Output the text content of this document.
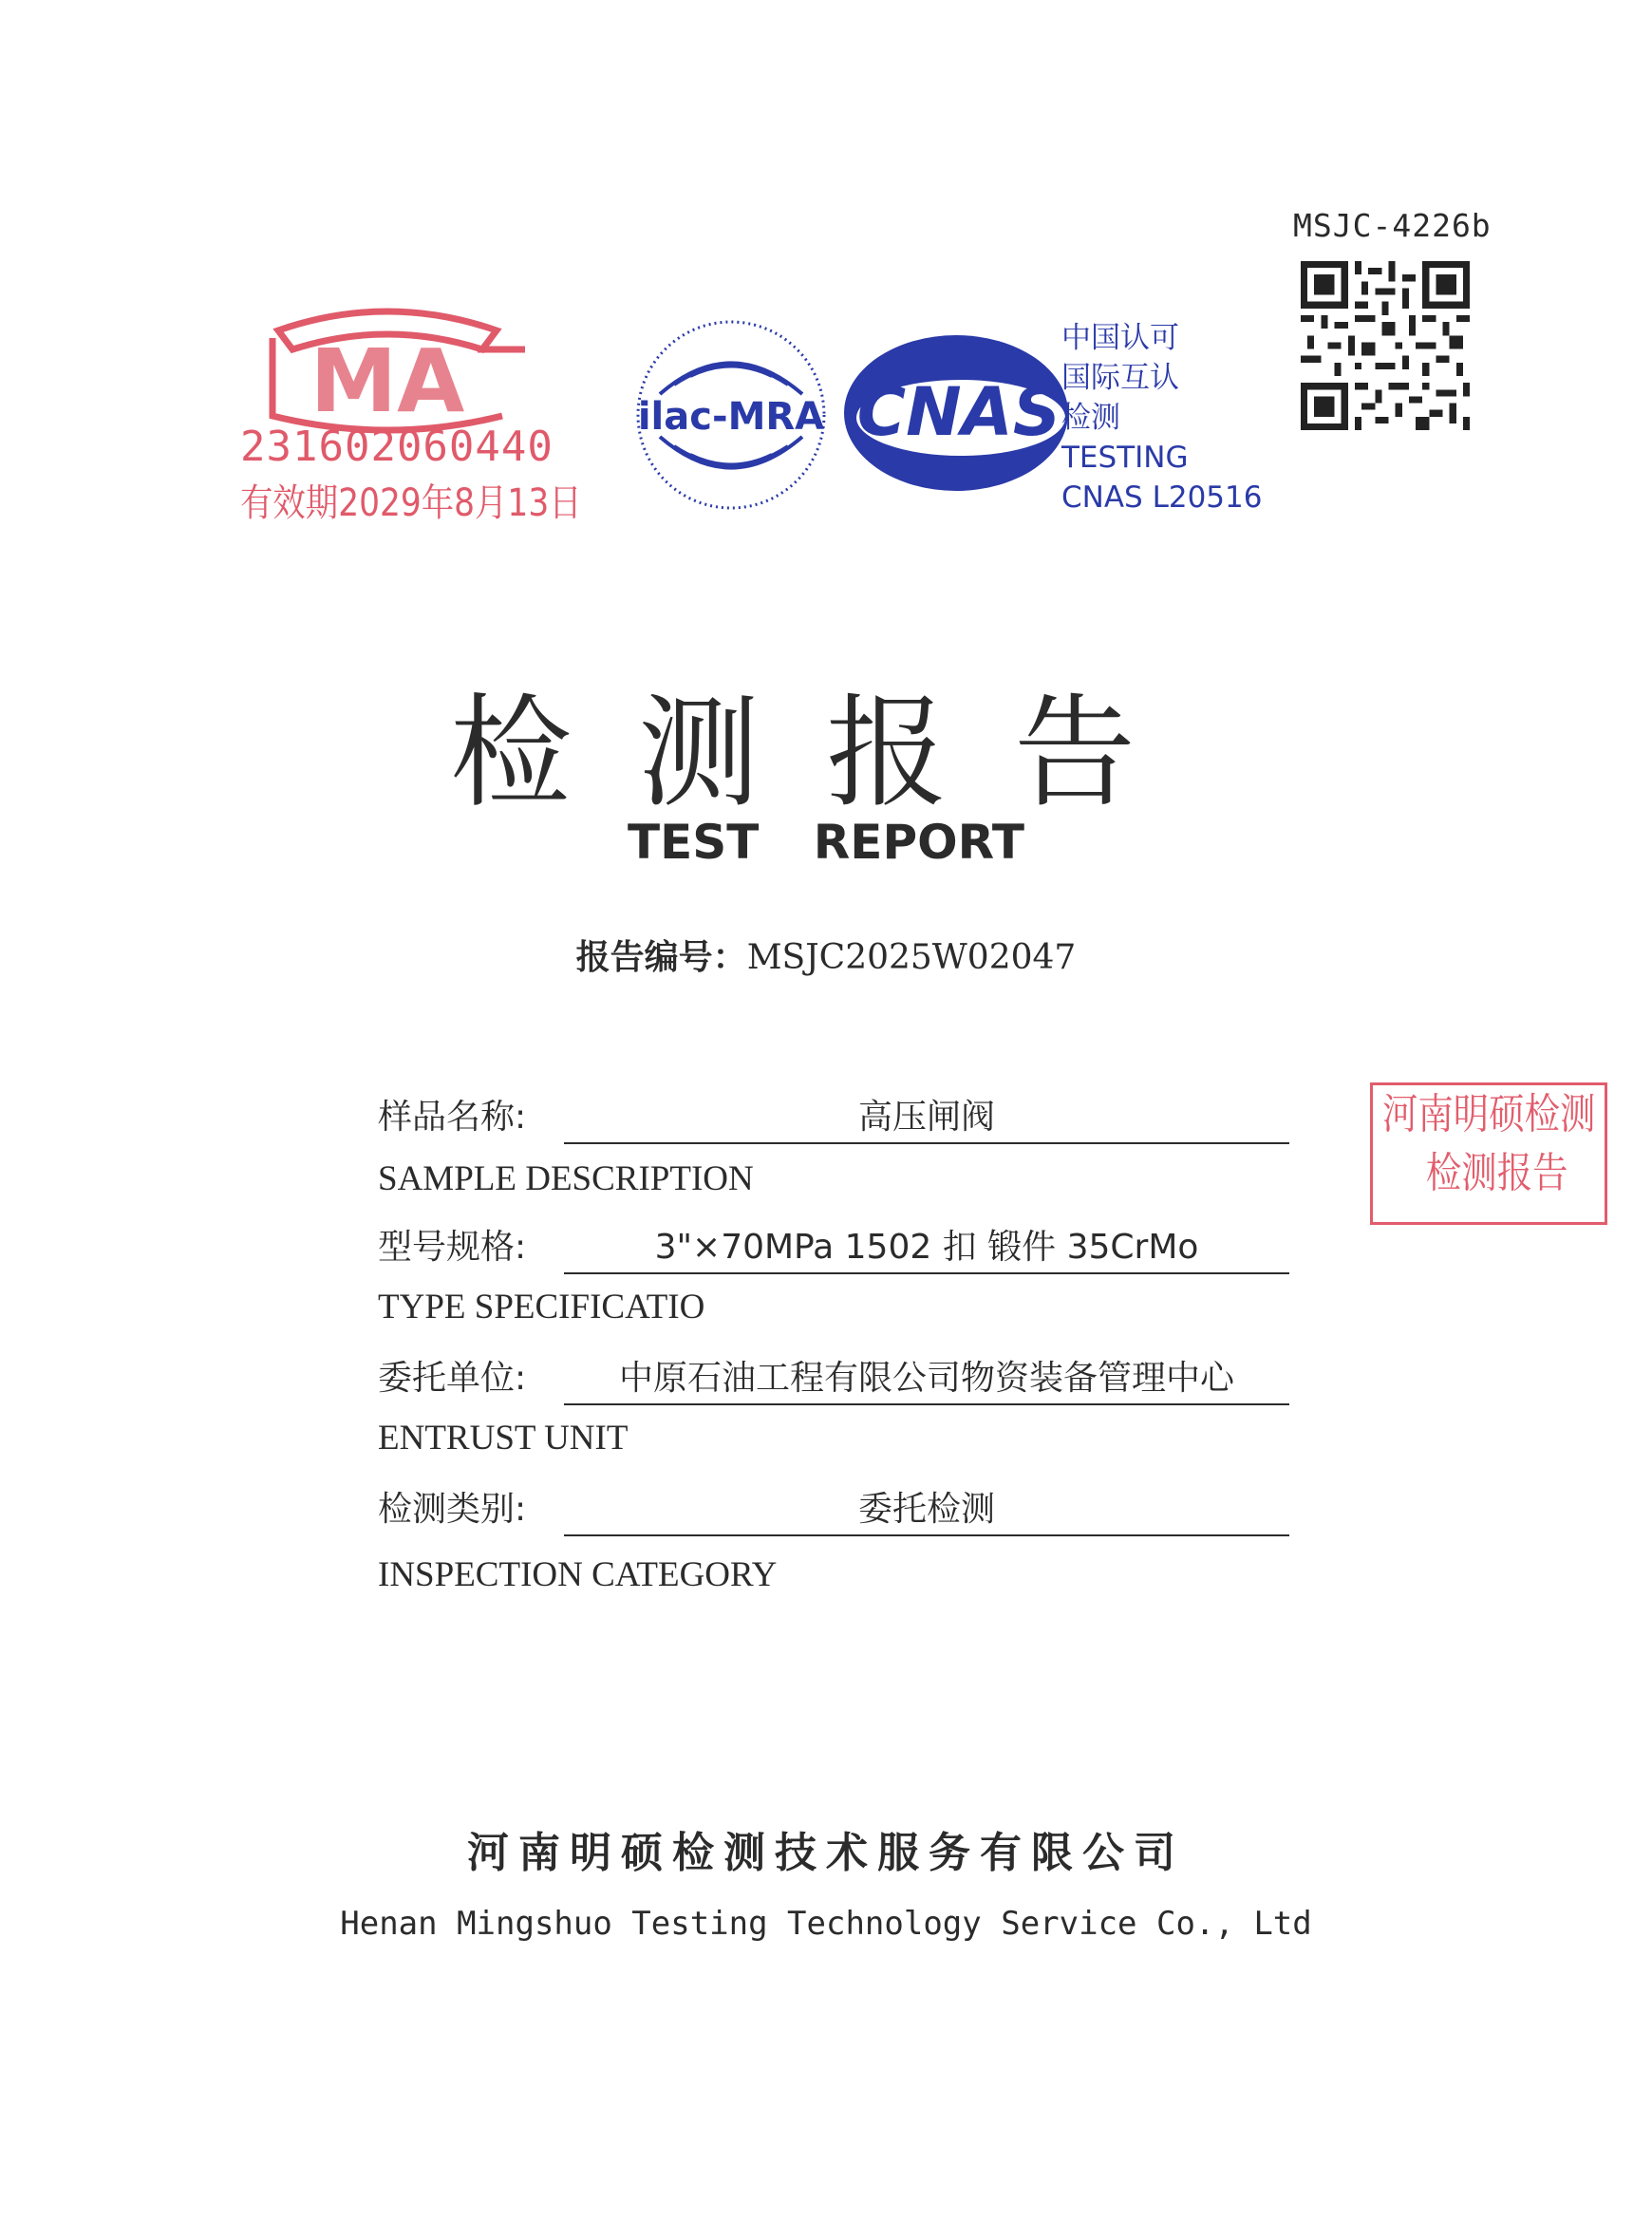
MSJC-4226b
MA
231602060440
有效期2029年8月13日
ilac-MRA CNAS
中国认可
国际互认
检测
TESTING
CNAS L20516
检测报告
TEST REPORT
报告编号：MSJC2025W02047
样品名称:	高压闸阀
SAMPLE DESCRIPTION
型号规格:	3"×70MPa 1502 扣 锻件 35CrMo
TYPE SPECIFICATIO
委托单位:	中原石油工程有限公司物资装备管理中心
ENTRUST UNIT
检测类别:	委托检测
INSPECTION CATEGORY
河南明硕检测
检测报告
河南明硕检测技术服务有限公司
Henan Mingshuo Testing Technology Service Co., Ltd
